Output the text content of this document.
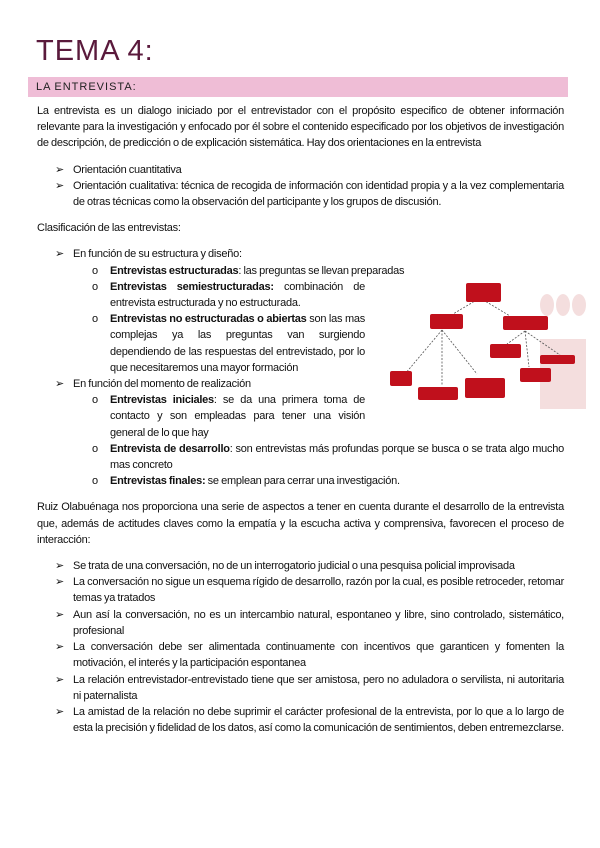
TEMA 4:
LA ENTREVISTA:
La entrevista es un dialogo iniciado por el entrevistador con el propósito especifico de obtener información relevante para la investigación y enfocado por él sobre el contenido especificado por los objetivos de investigación de descripción, de predicción o de explicación sistemática. Hay dos orientaciones en la entrevista
➢ Orientación cuantitativa
➢ Orientación cualitativa: técnica de recogida de información con identidad propia y a la vez complementaria de otras técnicas como la observación del participante y los grupos de discusión.
Clasificación de las entrevistas:
➢ En función de su estructura y diseño:
o Entrevistas estructuradas: las preguntas se llevan preparadas
o Entrevistas semiestructuradas: combinación de entrevista estructurada y no estructurada.
o Entrevistas no estructuradas o abiertas son las mas complejas ya las preguntas van surgiendo dependiendo de las respuestas del entrevistado, por lo que necesitaremos una mayor formación
➢ En función del momento de realización
o Entrevistas iniciales: se da una primera toma de contacto y son empleadas para tener una visión general de lo que hay
o Entrevista de desarrollo: son entrevistas más profundas porque se busca o se trata algo mucho mas concreto
o Entrevistas finales: se emplean para cerrar una investigación.
Ruiz Olabuénaga nos proporciona una serie de aspectos a tener en cuenta durante el desarrollo de la entrevista que, además de actitudes claves como la empatía y la escucha activa y comprensiva, favorecen el proceso de interacción:
➢ Se trata de una conversación, no de un interrogatorio judicial o una pesquisa policial improvisada
➢ La conversación no sigue un esquema rígido de desarrollo, razón por la cual, es posible retroceder, retomar temas ya tratados
➢ Aun así la conversación, no es un intercambio natural, espontaneo y libre, sino controlado, sistemático, profesional
➢ La conversación debe ser alimentada continuamente con incentivos que garanticen y fomenten la motivación, el interés y la participación espontanea
➢ La relación entrevistador-entrevistado tiene que ser amistosa, pero no aduladora o servilista, ni autoritaria ni paternalista
➢ La amistad de la relación no debe suprimir el carácter profesional de la entrevista, por lo que a lo largo de esta la precisión y fidelidad de los datos, así como la comunicación de sentimientos, deben entremezclarse.
